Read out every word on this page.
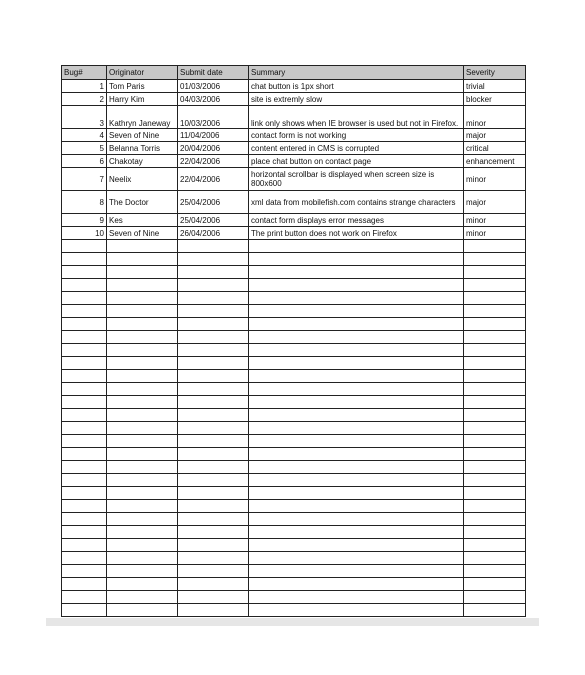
Bug#	Originator	Submit date	Summary	Severity
1	Tom Paris	01/03/2006	chat button is 1px short	trivial
2	Harry Kim	04/03/2006	site is extremly slow	blocker
3	Kathryn Janeway	10/03/2006	link only shows when IE browser is used but not in Firefox.	minor
4	Seven of Nine	11/04/2006	contact form is not working	major
5	Belanna Torris	20/04/2006	content entered in CMS is corrupted	critical
6	Chakotay	22/04/2006	place chat button on contact page	enhancement
7	Neelix	22/04/2006	horizontal scrollbar is displayed when screen size is 800x600	minor
8	The Doctor	25/04/2006	xml data from mobilefish.com contains strange characters	major
9	Kes	25/04/2006	contact form displays error messages	minor
10	Seven of Nine	26/04/2006	The print button does not work on Firefox	minor
